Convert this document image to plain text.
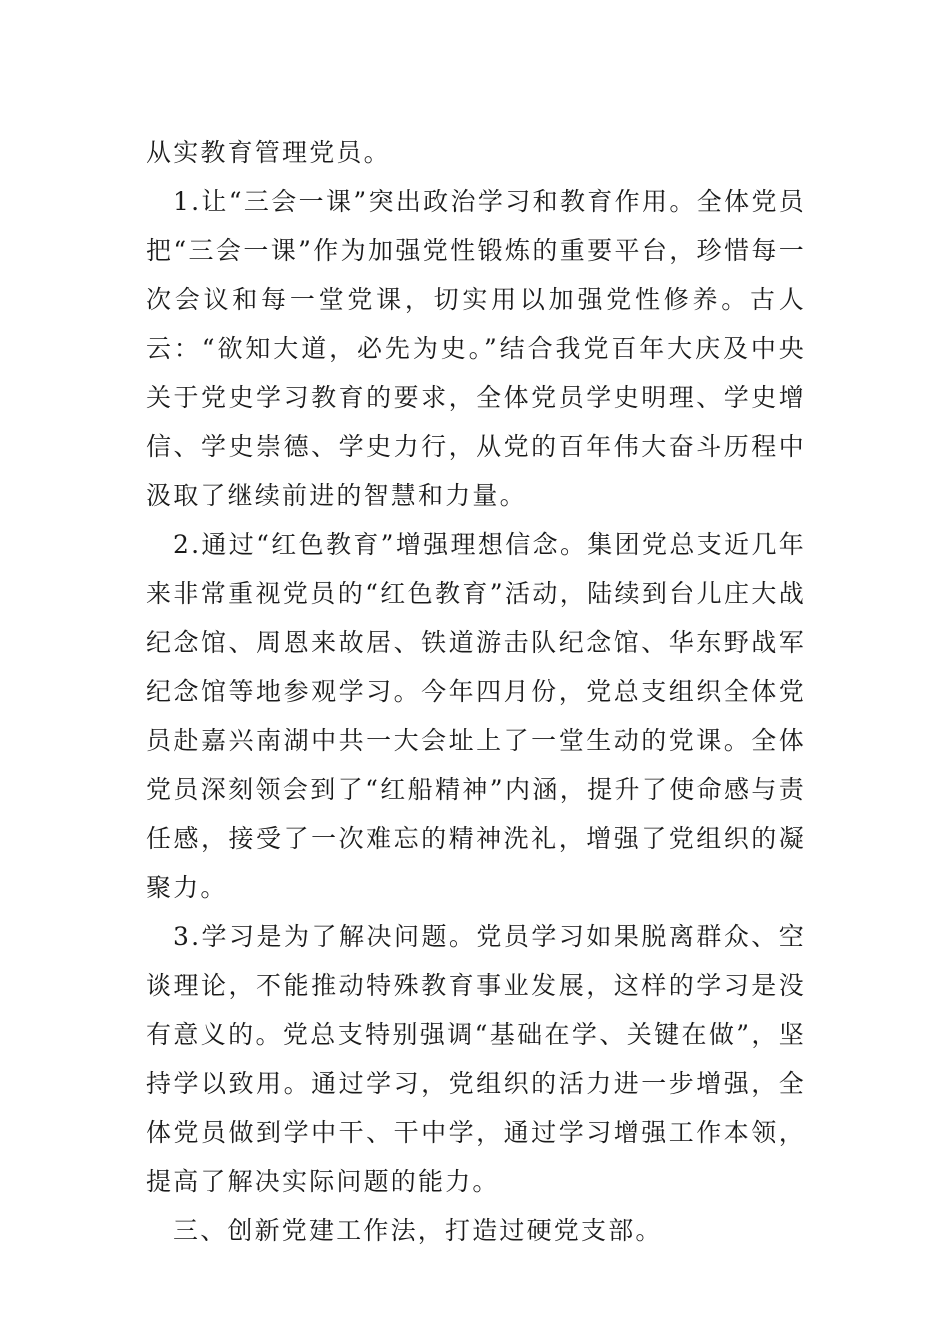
从实教育管理党员。

1.让“三会一课”突出政治学习和教育作用。全体党员把“三会一课”作为加强党性锻炼的重要平台，珍惜每一次会议和每一堂党课，切实用以加强党性修养。古人云：“欲知大道，必先为史。”结合我党百年大庆及中央关于党史学习教育的要求，全体党员学史明理、学史增信、学史崇德、学史力行，从党的百年伟大奋斗历程中汲取了继续前进的智慧和力量。

2.通过“红色教育”增强理想信念。集团党总支近几年来非常重视党员的“红色教育”活动，陆续到台儿庄大战纪念馆、周恩来故居、铁道游击队纪念馆、华东野战军纪念馆等地参观学习。今年四月份，党总支组织全体党员赴嘉兴南湖中共一大会址上了一堂生动的党课。全体党员深刻领会到了“红船精神”内涵，提升了使命感与责任感，接受了一次难忘的精神洗礼，增强了党组织的凝聚力。

3.学习是为了解决问题。党员学习如果脱离群众、空谈理论，不能推动特殊教育事业发展，这样的学习是没有意义的。党总支特别强调“基础在学、关键在做”，坚持学以致用。通过学习，党组织的活力进一步增强，全体党员做到学中干、干中学，通过学习增强工作本领，提高了解决实际问题的能力。

三、创新党建工作法，打造过硬党支部。
